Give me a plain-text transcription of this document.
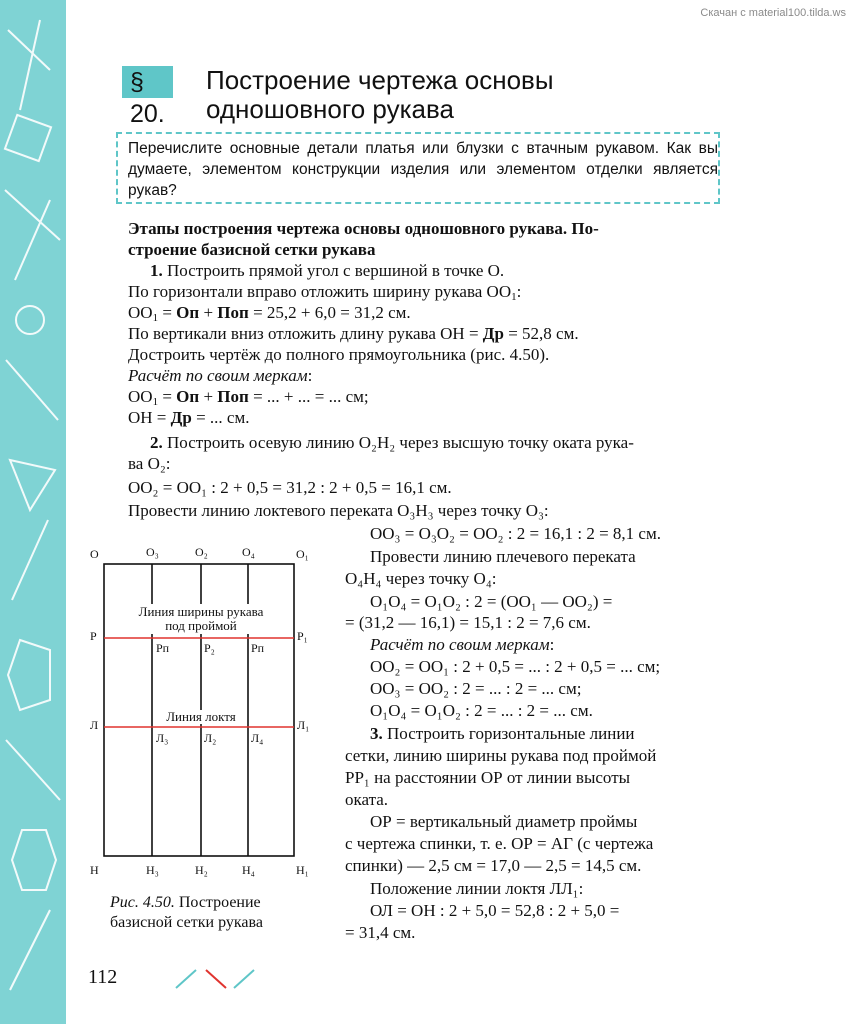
Скачан с material100.tilda.ws
§ 20.
Построение чертежа основы
одношовного рукава
Перечислите основные детали платья или блузки с втачным рукавом. Как вы думаете, элементом конструкции изделия или элементом отделки является рукав?
Этапы построения чертежа основы одношовного рукава. По-
строение базисной сетки рукава
1. Построить прямой угол с вершиной в точке О.
По горизонтали вправо отложить ширину рукава $ОО_1$:
$ОО_1$ = Оп + Поп = 25,2 + 6,0 = 31,2 см.
По вертикали вниз отложить длину рукава ОН = Др = 52,8 см.
Достроить чертёж до полного прямоугольника (рис. 4.50).
Расчёт по своим меркам:
$ОО_1$ = Оп + Поп = ... + ... = ... см;
ОН = Др = ... см.
2. Построить осевую линию О₂Н₂ через высшую точку оката рука-
ва О₂:
ОО₂ = ОО₁ : 2 + 0,5 = 31,2 : 2 + 0,5 = 16,1 см.
Провести линию локтевого переката О₃Н₃ через точку О₃:
ОО₃ = О₃О₂ = ОО₂ : 2 = 16,1 : 2 = 8,1 см.
Провести линию плечевого переката
О₄Н₄ через точку О₄:
О₁О₄ = О₁О₂ : 2 = (ОО₁ — ОО₂) =
= (31,2 — 16,1) = 15,1 : 2 = 7,6 см.
Расчёт по своим меркам:
ОО₂ = ОО₁ : 2 + 0,5 = ... : 2 + 0,5 = ... см;
ОО₃ = ОО₂ : 2 = ... : 2 = ... см;
О₁О₄ = О₁О₂ : 2 = ... : 2 = ... см.
3. Построить горизонтальные линии
сетки, линию ширины рукава под проймой
РР₁ на расстоянии ОР от линии высоты
оката.
ОР = вертикальный диаметр проймы
с чертежа спинки, т. е. ОР = АГ (с чертежа
спинки) — 2,5 см = 17,0 — 2,5 = 14,5 см.
Положение линии локтя ЛЛ₁:
ОЛ = ОН : 2 + 5,0 = 52,8 : 2 + 5,0 =
= 31,4 см.
О	О₃	О₂	О₄	О₁
Р	Р₁
Л	Л₁
Рп	Р₂	Рп
Л₃	Л₂	Л₄
Н	Н₃	Н₂	Н₄	Н₁
Линия ширины рукава
под проймой
Линия локтя
Рис. 4.50. Построение
базисной сетки рукава
112
